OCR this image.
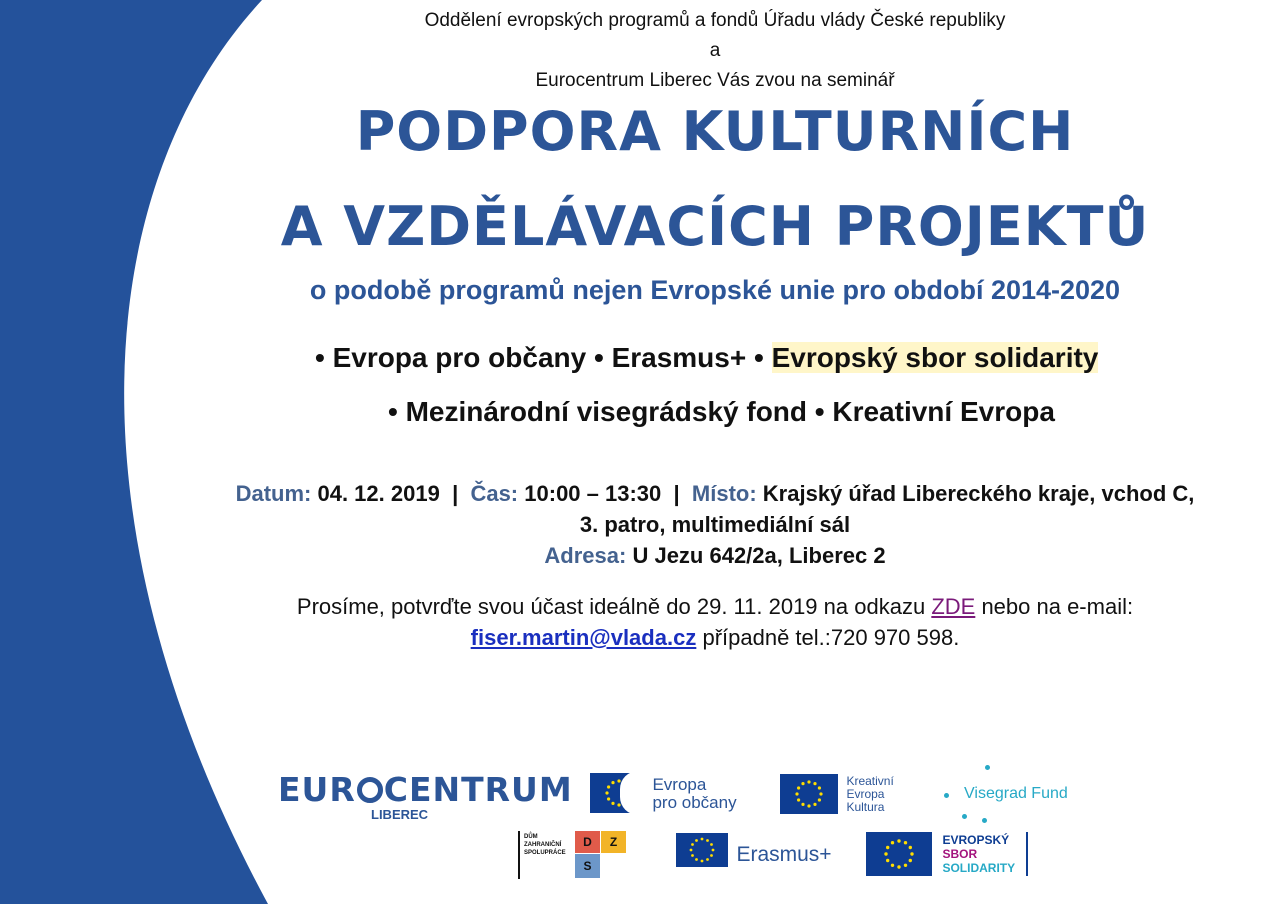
Oddělení evropských programů a fondů Úřadu vlády České republiky
a
Eurocentrum Liberec Vás zvou na seminář
PODPORA KULTURNÍCH
A VZDĚLÁVACÍCH PROJEKTŮ
o podobě programů nejen Evropské unie pro období 2014-2020
• Evropa pro občany • Erasmus+ • Evropský sbor solidarity
• Mezinárodní visegrádský fond • Kreativní Evropa
Datum: 04. 12. 2019 | Čas: 10:00 – 13:30 | Místo: Krajský úřad Libereckého kraje, vchod C,
3. patro, multimediální sál
Adresa: U Jezu 642/2a, Liberec 2
Prosíme, potvrďte svou účast ideálně do 29. 11. 2019 na odkazu ZDE nebo na e-mail:
fiser.martin@vlada.cz případně tel.:720 970 598.
EUR CENTRUM
LIBEREC

Evropa
pro občany
Kreativní
Evropa
Kultura
Visegrad Fund
DŮM
ZAHRANIČNÍ
SPOLUPRÁCE
D	Z
S	Erasmus+
EVROPSKÝ
SBOR
SOLIDARITY
